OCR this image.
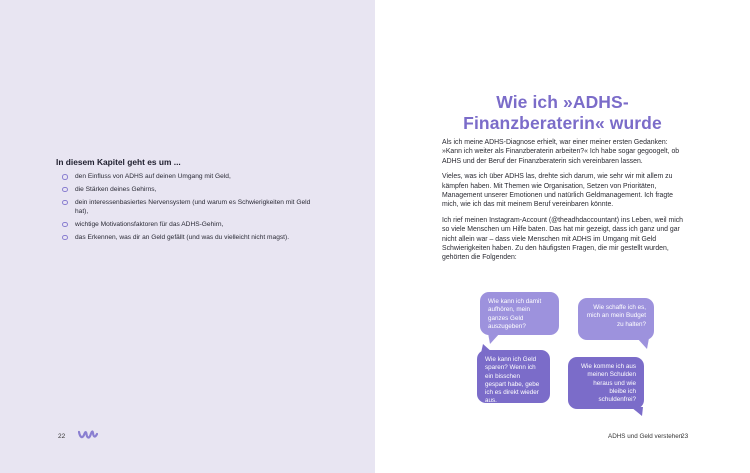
In diesem Kapitel geht es um ...
den Einfluss von ADHS auf deinen Umgang mit Geld,
die Stärken deines Gehirns,
dein interessenbasiertes Nervensystem (und warum es Schwierigkeiten mit Geld hat),
wichtige Motivationsfaktoren für das ADHS-Gehirn,
das Erkennen, was dir an Geld gefällt (und was du vielleicht nicht magst).
22
Wie ich »ADHS-
Finanzberaterin« wurde

Als ich meine ADHS-Diagnose erhielt, war einer meiner ersten Gedanken: »Kann ich weiter als Finanzberaterin arbeiten?« Ich habe sogar gegoogelt, ob ADHS und der Beruf der Finanzberaterin sich vereinbaren lassen.

Vieles, was ich über ADHS las, drehte sich darum, wie sehr wir mit allem zu kämpfen haben. Mit Themen wie Organisation, Setzen von Prioritäten, Management unserer Emotionen und natürlich Geldmanagement. Ich fragte mich, wie ich das mit meinem Beruf vereinbaren könnte.

Ich rief meinen Instagram-Account (@theadhdaccountant) ins Leben, weil mich so viele Menschen um Hilfe baten. Das hat mir gezeigt, dass ich ganz und gar nicht allein war – dass viele Menschen mit ADHS im Umgang mit Geld Schwierigkeiten haben. Zu den häufigsten Fragen, die mir gestellt wurden, gehörten die Folgenden:

Wie kann ich damit aufhören, mein ganzes Geld auszugeben?
Wie schaffe ich es, mich an mein Budget zu halten?
Wie kann ich Geld sparen? Wenn ich ein bisschen gespart habe, gebe ich es direkt wieder aus.
Wie komme ich aus meinen Schulden heraus und wie bleibe ich schuldenfrei?
ADHS und Geld verstehen
23
